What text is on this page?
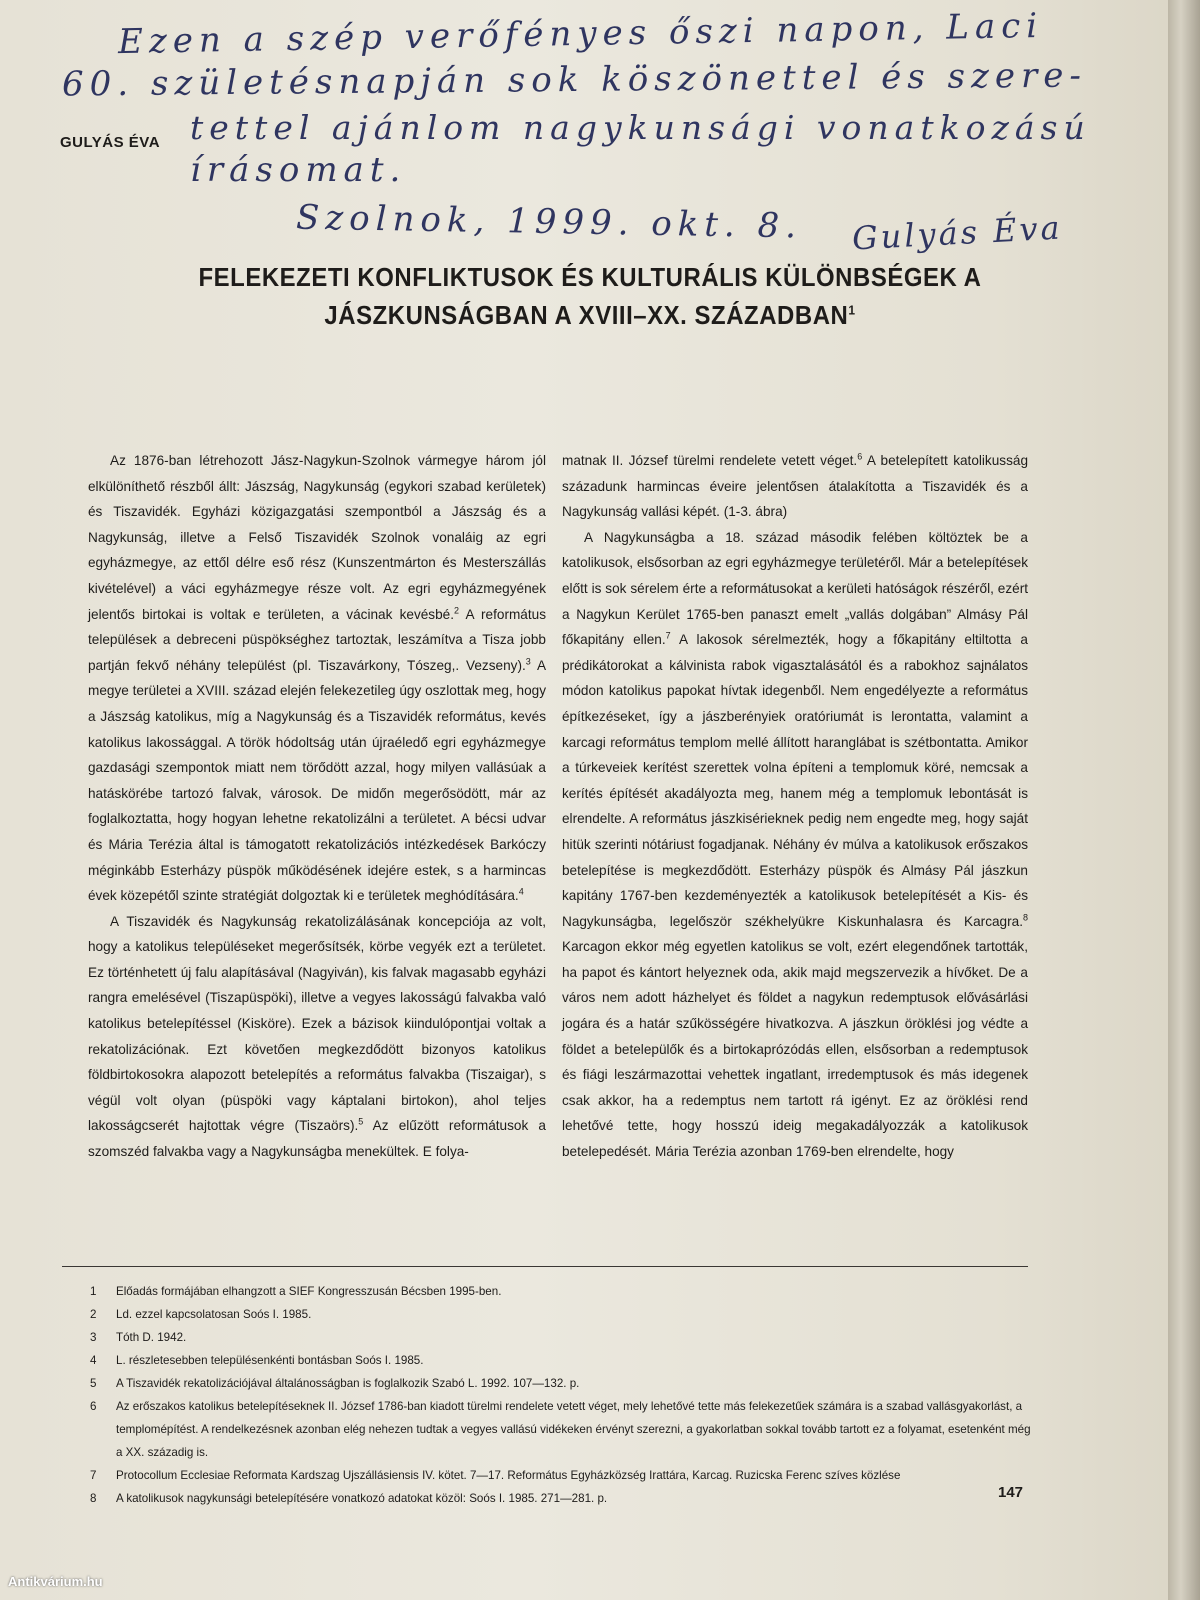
Ezen a szép verőfényes őszi napon, Laci
60. születésnapján sok köszönettel és szere-
tettel ajánlom nagykunsági vonatkozású
írásomat.
Szolnok, 1999. okt. 8. Gulyás Éva
GULYÁS ÉVA
FELEKEZETI KONFLIKTUSOK ÉS KULTURÁLIS KÜLÖNBSÉGEK A
JÁSZKUNSÁGBAN A XVIII–XX. SZÁZADBAN$^1$

Az 1876-ban létrehozott Jász-Nagykun-Szolnok vármegye három jól elkülöníthető részből állt: Jászság, Nagykunság (egykori szabad kerületek) és Tiszavidék. Egyházi közigazgatási szempontból a Jászság és a Nagykunság, illetve a Felső Tiszavidék Szolnok vonaláig az egri egyházmegye, az ettől délre eső rész (Kunszentmárton és Mesterszállás kivételével) a váci egyházmegye része volt. Az egri egyházmegyének jelentős birtokai is voltak e területen, a vácinak kevésbé.$^2$ A református települések a debreceni püspökséghez tartoztak, leszámítva a Tisza jobb partján fekvő néhány települést (pl. Tiszavárkony, Tószeg,. Vezseny).$^3$ A megye területei a XVIII. század elején felekezetileg úgy oszlottak meg, hogy a Jászság katolikus, míg a Nagykunság és a Tiszavidék református, kevés katolikus lakossággal. A török hódoltság után újraéledő egri egyházmegye gazdasági szempontok miatt nem törődött azzal, hogy milyen vallásúak a hatáskörébe tartozó falvak, városok. De midőn megerősödött, már az foglalkoztatta, hogy hogyan lehetne rekatolizálni a területet. A bécsi udvar és Mária Terézia által is támogatott rekatolizációs intézkedések Barkóczy méginkább Esterházy püspök működésének idejére estek, s a harmincas évek közepétől szinte stratégiát dolgoztak ki e területek meghódítására.$^4$

A Tiszavidék és Nagykunság rekatolizálásának koncepciója az volt, hogy a katolikus településeket megerősítsék, körbe vegyék ezt a területet. Ez történhetett új falu alapításával (Nagyiván), kis falvak magasabb egyházi rangra emelésével (Tiszapüspöki), illetve a vegyes lakosságú falvakba való katolikus betelepítéssel (Kisköre). Ezek a bázisok kiindulópontjai voltak a rekatolizációnak. Ezt követően megkezdődött bizonyos katolikus földbirtokosokra alapozott betelepítés a református falvakba (Tiszaigar), s végül volt olyan (püspöki vagy káptalani birtokon), ahol teljes lakosságcserét hajtottak végre (Tiszaörs).$^5$ Az elűzött reformátusok a szomszéd falvakba vagy a Nagykunságba menekültek. E folya-

matnak II. József türelmi rendelete vetett véget.$^6$ A betelepített katolikusság századunk harmincas éveire jelentősen átalakította a Tiszavidék és a Nagykunság vallási képét. (1-3. ábra)

A Nagykunságba a 18. század második felében költöztek be a katolikusok, elsősorban az egri egyházmegye területéről. Már a betelepítések előtt is sok sérelem érte a reformátusokat a kerületi hatóságok részéről, ezért a Nagykun Kerület 1765-ben panaszt emelt „vallás dolgában” Almásy Pál főkapitány ellen.$^7$ A lakosok sérelmezték, hogy a főkapitány eltiltotta a prédikátorokat a kálvinista rabok vigasztalásától és a rabokhoz sajnálatos módon katolikus papokat hívtak idegenből. Nem engedélyezte a református építkezéseket, így a jászberényiek oratóriumát is lerontatta, valamint a karcagi református templom mellé állított haranglábat is szétbontatta. Amikor a túrkeveiek kerítést szerettek volna építeni a templomuk köré, nemcsak a kerítés építését akadályozta meg, hanem még a templomuk lebontását is elrendelte. A református jászkisérieknek pedig nem engedte meg, hogy saját hitük szerinti nótáriust fogadjanak. Néhány év múlva a katolikusok erőszakos betelepítése is megkezdődött. Esterházy püspök és Almásy Pál jászkun kapitány 1767-ben kezdeményezték a katolikusok betelepítését a Kis- és Nagykunságba, legelőször székhelyükre Kiskunhalasra és Karcagra.$^8$ Karcagon ekkor még egyetlen katolikus se volt, ezért elegendőnek tartották, ha papot és kántort helyeznek oda, akik majd megszervezik a hívőket. De a város nem adott házhelyet és földet a nagykun redemptusok elővásárlási jogára és a határ szűkösségére hivatkozva. A jászkun öröklési jog védte a földet a betelepülők és a birtokaprózódás ellen, elsősorban a redemptusok és fiági leszármazottai vehettek ingatlant, irredemptusok és más idegenek csak akkor, ha a redemptus nem tartott rá igényt. Ez az öröklési rend lehetővé tette, hogy hosszú ideig megakadályozzák a katolikusok betelepedését. Mária Terézia azonban 1769-ben elrendelte, hogy

1	Előadás formájában elhangzott a SIEF Kongresszusán Bécsben 1995-ben.
2	Ld. ezzel kapcsolatosan Soós I. 1985.
3	Tóth D. 1942.
4	L. részletesebben településenkénti bontásban Soós I. 1985.
5	A Tiszavidék rekatolizációjával általánosságban is foglalkozik Szabó L. 1992. 107—132. p.
6	Az erőszakos katolikus betelepítéseknek II. József 1786-ban kiadott türelmi rendelete vetett véget, mely lehetővé tette más felekezetűek számára is a szabad vallásgyakorlást, a templomépítést. A rendelkezésnek azonban elég nehezen tudtak a vegyes vallású vidékeken érvényt szerezni, a gyakorlatban sokkal tovább tartott ez a folyamat, esetenként még a XX. századig is.
7	Protocollum Ecclesiae Reformata Kardszag Ujszállásiensis IV. kötet. 7—17. Református Egyházközség Irattára, Karcag. Ruzicska Ferenc szíves közlése
8	A katolikusok nagykunsági betelepítésére vonatkozó adatokat közöl: Soós I. 1985. 271—281. p.	147
Antikvárium.hu
